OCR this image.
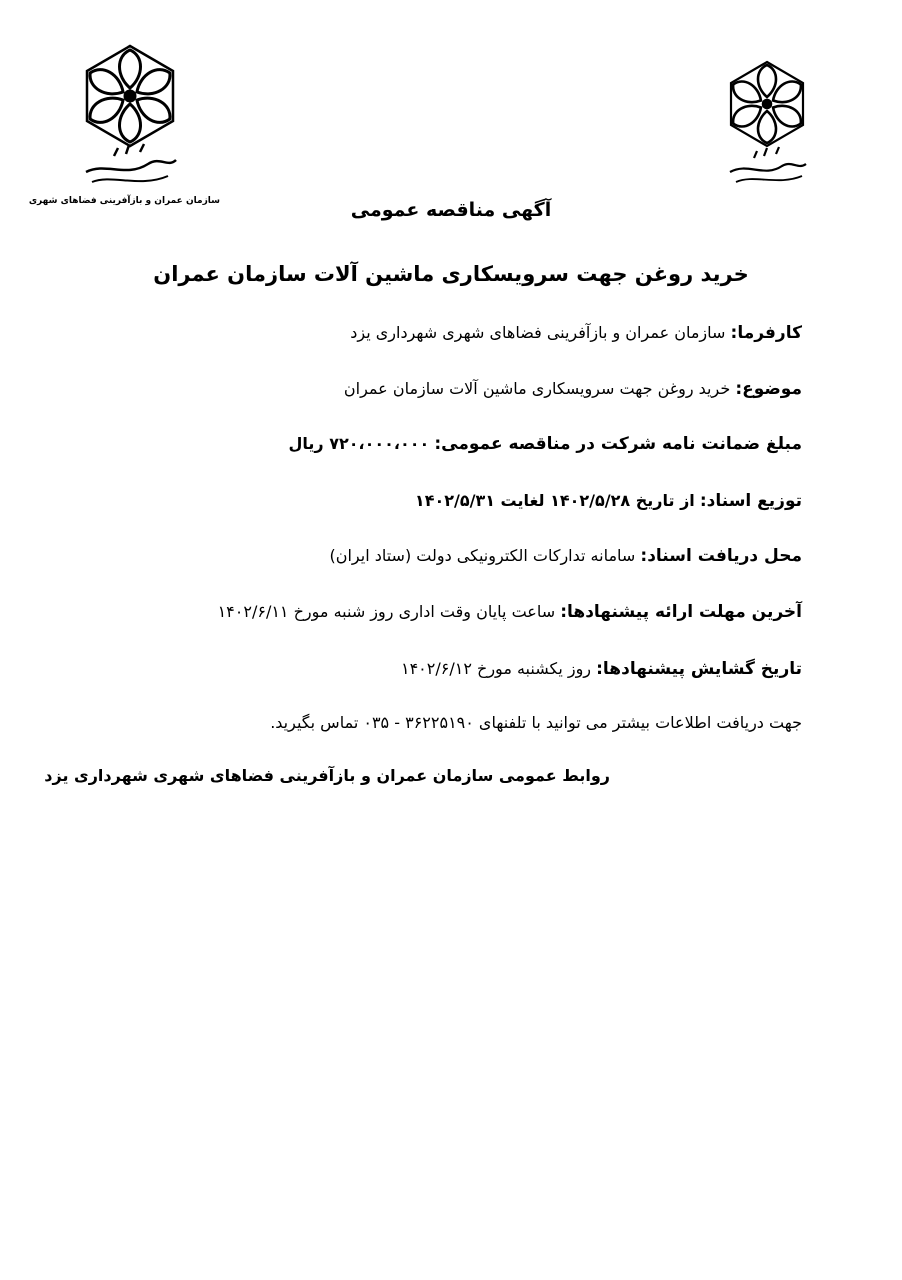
سازمان عمران و بازآفرینی فضاهای شهری	آگهی مناقصه عمومی
خرید روغن جهت سرویسکاری ماشین آلات سازمان عمران
کارفرما: سازمان عمران و بازآفرینی فضاهای شهری شهرداری یزد
موضوع: خرید روغن جهت سرویسکاری ماشین آلات سازمان عمران
مبلغ ضمانت نامه شرکت در مناقصه عمومی: ۷۲۰،۰۰۰،۰۰۰ ریال
توزیع اسناد: از تاریخ ۱۴۰۲/۵/۲۸ لغایت ۱۴۰۲/۵/۳۱
محل دریافت اسناد: سامانه تدارکات الکترونیکی دولت (ستاد ایران)
آخرین مهلت ارائه پیشنهادها: ساعت پایان وقت اداری روز شنبه مورخ ۱۴۰۲/۶/۱۱
تاریخ گشایش پیشنهادها: روز یکشنبه مورخ ۱۴۰۲/۶/۱۲
جهت دریافت اطلاعات بیشتر می توانید با تلفنهای ۳۶۲۲۵۱۹۰ - ۰۳۵ تماس بگیرید.
روابط عمومی سازمان عمران و بازآفرینی فضاهای شهری شهرداری یزد
